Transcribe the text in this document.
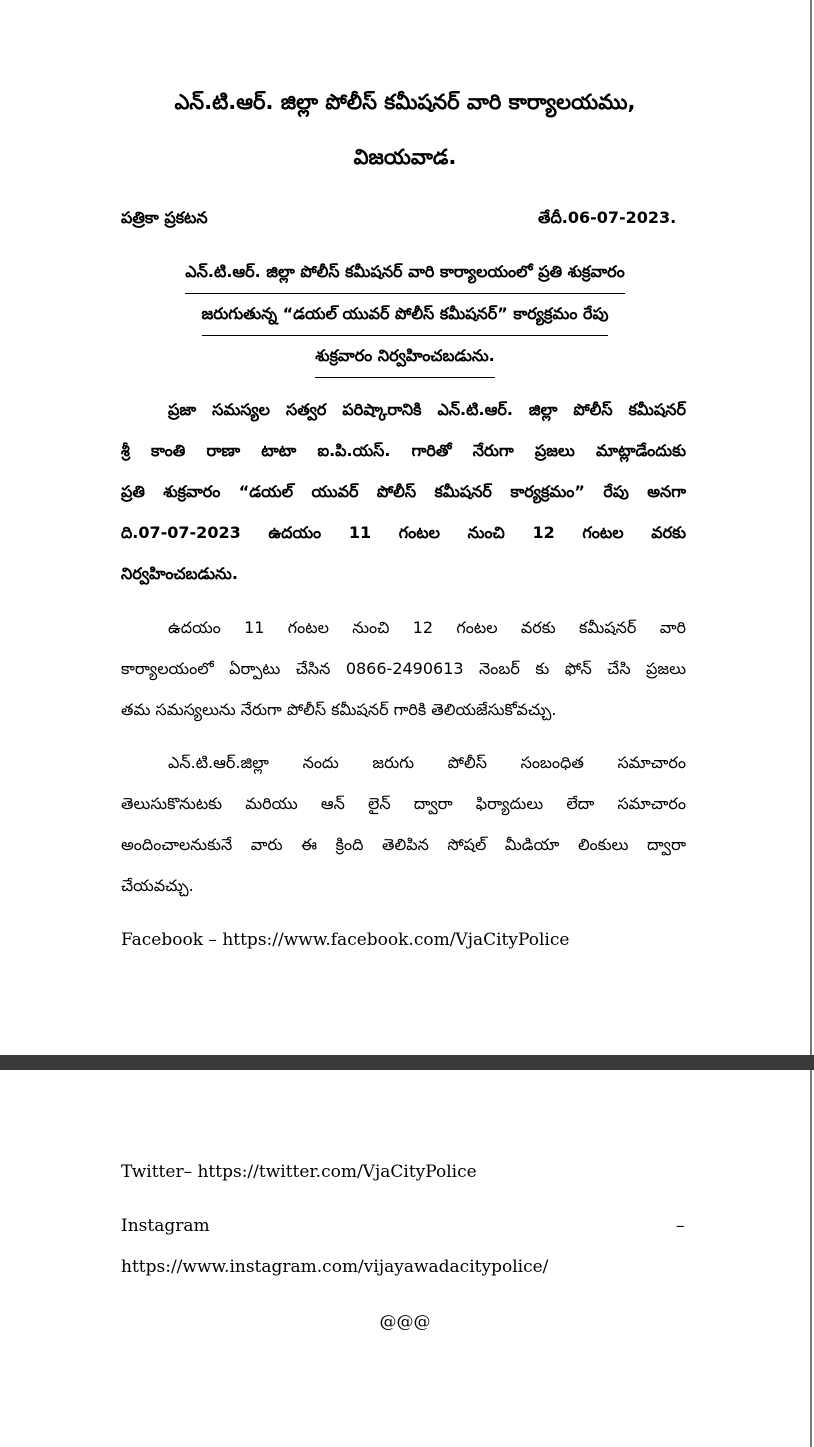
ఎన్.టి.ఆర్. జిల్లా పోలీస్ కమీషనర్ వారి కార్యాలయము,
విజయవాడ.
పత్రికా ప్రకటన	తేదీ.06-07-2023.
ఎన్.టి.ఆర్. జిల్లా పోలీస్ కమీషనర్ వారి కార్యాలయంలో ప్రతి శుక్రవారం
జరుగుతున్న “డయల్ యువర్ పోలీస్ కమీషనర్” కార్యక్రమం రేపు
శుక్రవారం నిర్వహించబడును.
ప్రజా సమస్యల సత్వర పరిష్కారానికి ఎన్.టి.ఆర్. జిల్లా పోలీస్ కమీషనర్
శ్రీ కాంతి రాణా టాటా ఐ.పి.యస్. గారితో నేరుగా ప్రజలు మాట్లాడేందుకు
ప్రతి శుక్రవారం “డయల్ యువర్ పోలీస్ కమీషనర్ కార్యక్రమం” రేపు అనగా
ది.07-07-2023 ఉదయం 11 గంటల నుంచి 12 గంటల వరకు
నిర్వహించబడును.
ఉదయం 11 గంటల నుంచి 12 గంటల వరకు కమీషనర్ వారి
కార్యాలయంలో ఏర్పాటు చేసిన 0866-2490613 నెంబర్ కు ఫోన్ చేసి ప్రజలు
తమ సమస్యలును నేరుగా పోలీస్ కమీషనర్ గారికి తెలియజేసుకోవచ్చు.
ఎన్.టి.ఆర్.జిల్లా నందు జరుగు పోలీస్ సంబంధిత సమాచారం
తెలుసుకొనుటకు మరియు ఆన్ లైన్ ద్వారా ఫిర్యాదులు లేదా సమాచారం
అందించాలనుకునే వారు ఈ క్రింది తెలిపిన సోషల్ మీడియా లింకులు ద్వారా
చేయవచ్చు.
Facebook – https://www.facebook.com/VjaCityPolice
Twitter– https://twitter.com/VjaCityPolice
Instagram	–
https://www.instagram.com/vijayawadacitypolice/
@@@
